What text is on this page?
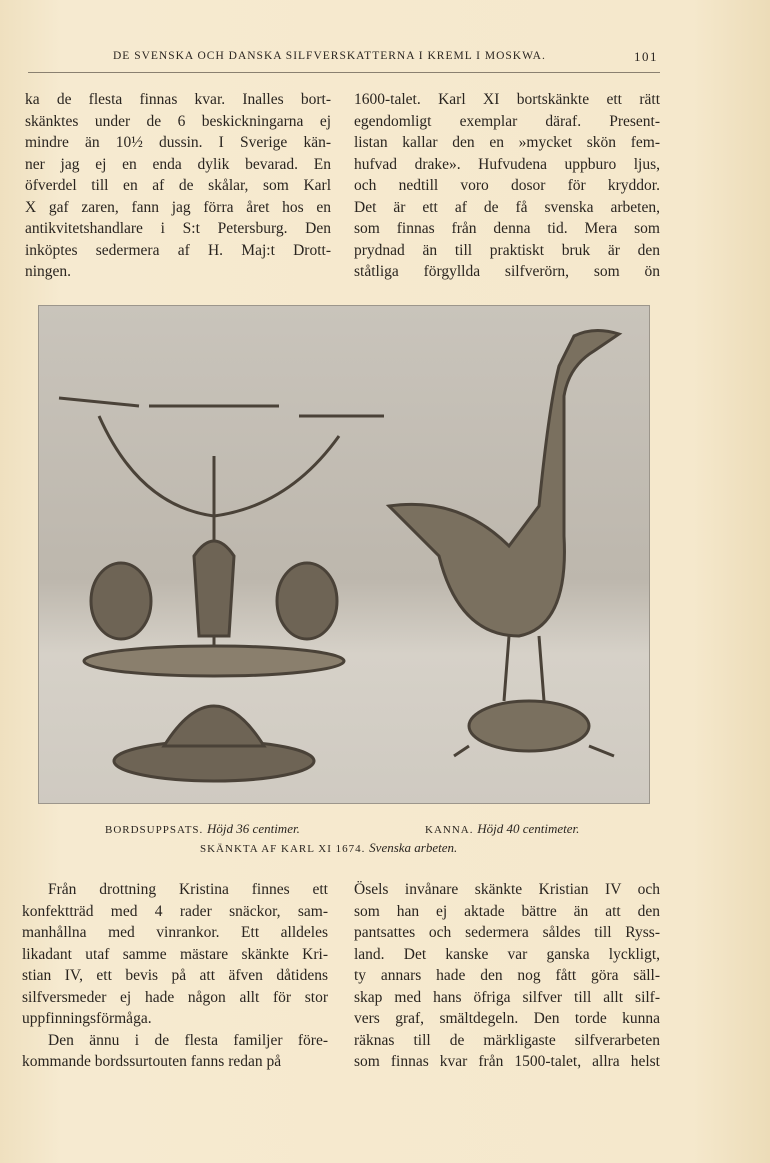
DE SVENSKA OCH DANSKA SILFVERSKATTERNA I KREML I MOSKWA.	101
ka de flesta finnas kvar. Inalles bort-
skänktes under de 6 beskickningarna ej
mindre än 10½ dussin. I Sverige kän-
ner jag ej en enda dylik bevarad. En
öfverdel till en af de skålar, som Karl
X gaf zaren, fann jag förra året hos en
antikvitetshandlare i S:t Petersburg. Den
inköptes sedermera af H. Maj:t Drott-
ningen.
1600-talet. Karl XI bortskänkte ett rätt
egendomligt exemplar däraf. Present-
listan kallar den en »mycket skön fem-
hufvad drake». Hufvudena uppburo ljus,
och nedtill voro dosor för kryddor.
Det är ett af de få svenska arbeten,
som finnas från denna tid. Mera som
prydnad än till praktiskt bruk är den
ståtliga förgyllda silfverörn, som ön
BORDSUPPSATS. Höjd 36 centimer.	KANNA. Höjd 40 centimeter.
SKÄNKTA AF KARL XI 1674. Svenska arbeten.
Från drottning Kristina finnes ett
konfektträd med 4 rader snäckor, sam-
manhållna med vinrankor. Ett alldeles
likadant utaf samme mästare skänkte Kri-
stian IV, ett bevis på att äfven dåtidens
silfversmeder ej hade någon allt för stor
uppfinningsförmåga.
Den ännu i de flesta familjer före-
kommande bordssurtouten fanns redan på
Ösels invånare skänkte Kristian IV och
som han ej aktade bättre än att den
pantsattes och sedermera såldes till Ryss-
land. Det kanske var ganska lyckligt,
ty annars hade den nog fått göra säll-
skap med hans öfriga silfver till allt silf-
vers graf, smältdegeln. Den torde kunna
räknas till de märkligaste silfverarbeten
som finnas kvar från 1500-talet, allra helst
